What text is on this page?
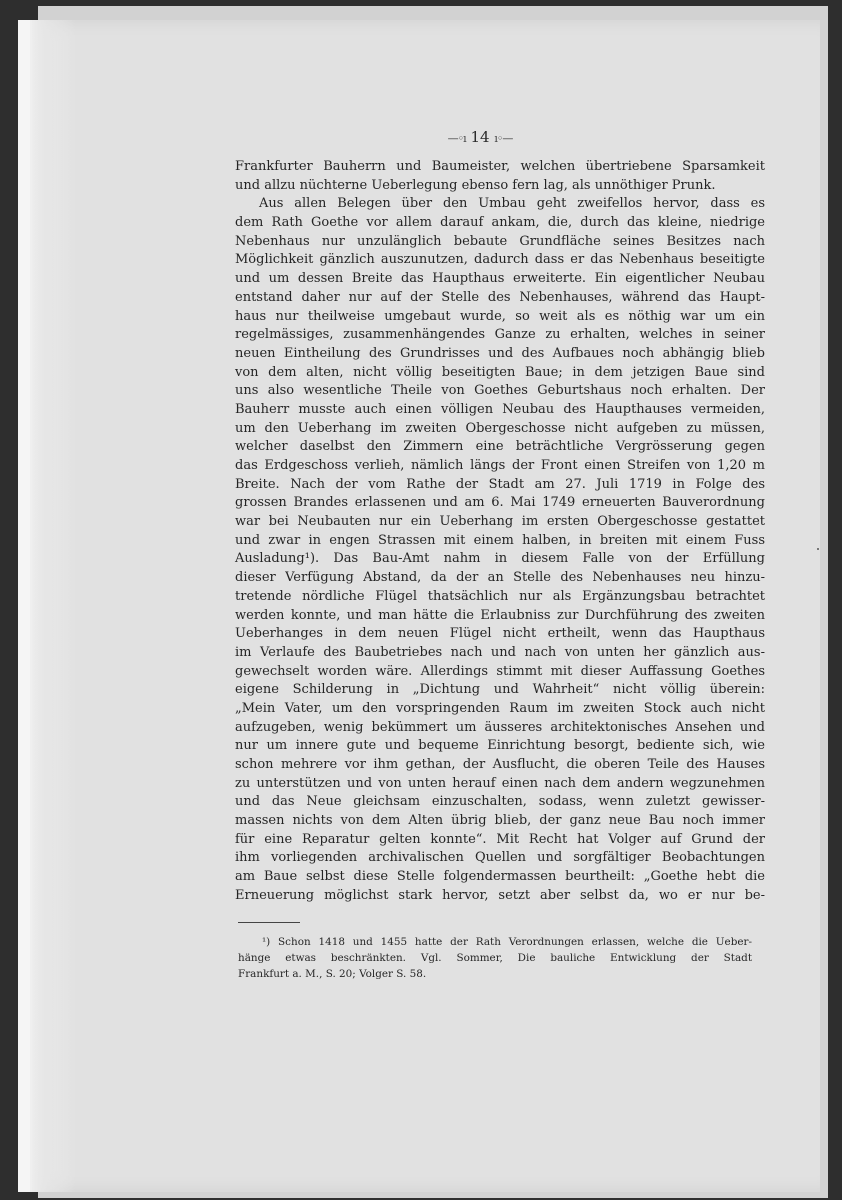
—◦ı 14 ı◦—
Frankfurter Bauherrn und Baumeister, welchen übertriebene Sparsamkeit
und allzu nüchterne Ueberlegung ebenso fern lag, als unnöthiger Prunk.
Aus allen Belegen über den Umbau geht zweifellos hervor, dass es
dem Rath Goethe vor allem darauf ankam, die, durch das kleine, niedrige
Nebenhaus nur unzulänglich bebaute Grundfläche seines Besitzes nach
Möglichkeit gänzlich auszunutzen, dadurch dass er das Nebenhaus beseitigte
und um dessen Breite das Haupthaus erweiterte. Ein eigentlicher Neubau
entstand daher nur auf der Stelle des Nebenhauses, während das Haupt-
haus nur theilweise umgebaut wurde, so weit als es nöthig war um ein
regelmässiges, zusammenhängendes Ganze zu erhalten, welches in seiner
neuen Eintheilung des Grundrisses und des Aufbaues noch abhängig blieb
von dem alten, nicht völlig beseitigten Baue; in dem jetzigen Baue sind
uns also wesentliche Theile von Goethes Geburtshaus noch erhalten. Der
Bauherr musste auch einen völligen Neubau des Haupthauses vermeiden,
um den Ueberhang im zweiten Obergeschosse nicht aufgeben zu müssen,
welcher daselbst den Zimmern eine beträchtliche Vergrösserung gegen
das Erdgeschoss verlieh, nämlich längs der Front einen Streifen von 1,20 m
Breite. Nach der vom Rathe der Stadt am 27. Juli 1719 in Folge des
grossen Brandes erlassenen und am 6. Mai 1749 erneuerten Bauverordnung
war bei Neubauten nur ein Ueberhang im ersten Obergeschosse gestattet
und zwar in engen Strassen mit einem halben, in breiten mit einem Fuss
Ausladung¹). Das Bau-Amt nahm in diesem Falle von der Erfüllung
dieser Verfügung Abstand, da der an Stelle des Nebenhauses neu hinzu-
tretende nördliche Flügel thatsächlich nur als Ergänzungsbau betrachtet
werden konnte, und man hätte die Erlaubniss zur Durchführung des zweiten
Ueberhanges in dem neuen Flügel nicht ertheilt, wenn das Haupthaus
im Verlaufe des Baubetriebes nach und nach von unten her gänzlich aus-
gewechselt worden wäre. Allerdings stimmt mit dieser Auffassung Goethes
eigene Schilderung in „Dichtung und Wahrheit“ nicht völlig überein:
„Mein Vater, um den vorspringenden Raum im zweiten Stock auch nicht
aufzugeben, wenig bekümmert um äusseres architektonisches Ansehen und
nur um innere gute und bequeme Einrichtung besorgt, bediente sich, wie
schon mehrere vor ihm gethan, der Ausflucht, die oberen Teile des Hauses
zu unterstützen und von unten herauf einen nach dem andern wegzunehmen
und das Neue gleichsam einzuschalten, sodass, wenn zuletzt gewisser-
massen nichts von dem Alten übrig blieb, der ganz neue Bau noch immer
für eine Reparatur gelten konnte“. Mit Recht hat Volger auf Grund der
ihm vorliegenden archivalischen Quellen und sorgfältiger Beobachtungen
am Baue selbst diese Stelle folgendermassen beurtheilt: „Goethe hebt die
Erneuerung möglichst stark hervor, setzt aber selbst da, wo er nur be-
¹) Schon 1418 und 1455 hatte der Rath Verordnungen erlassen, welche die Ueber-
hänge etwas beschränkten. Vgl. Sommer, Die bauliche Entwicklung der Stadt
Frankfurt a. M., S. 20; Volger S. 58.
